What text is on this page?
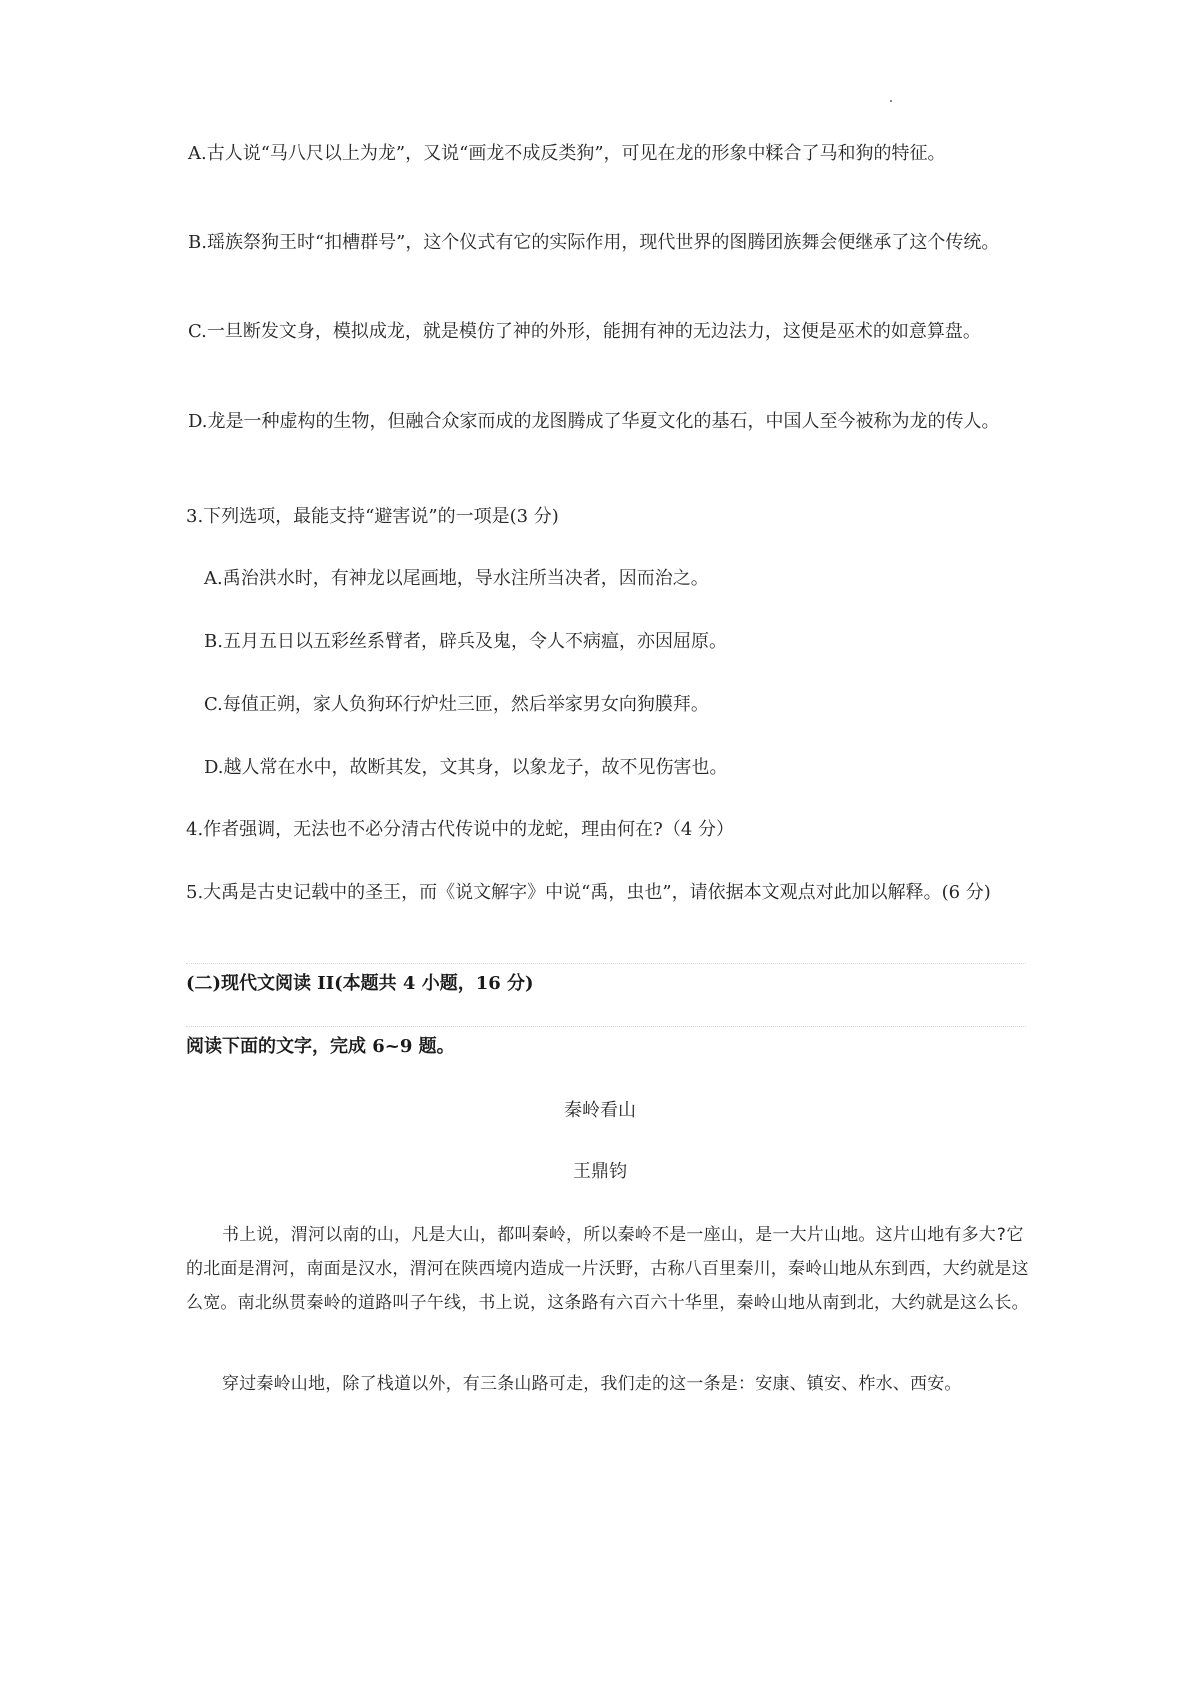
A.古人说“马八尺以上为龙”，又说“画龙不成反类狗”，可见在龙的形象中糅合了马和狗的特征。
B.瑶族祭狗王时“扣槽群号”，这个仪式有它的实际作用，现代世界的图腾团族舞会便继承了这个传统。
C.一旦断发文身，模拟成龙，就是模仿了神的外形，能拥有神的无边法力，这便是巫术的如意算盘。
D.龙是一种虚构的生物，但融合众家而成的龙图腾成了华夏文化的基石，中国人至今被称为龙的传人。
3.下列选项，最能支持“避害说”的一项是(3 分)
A.禹治洪水时，有神龙以尾画地，导水注所当决者，因而治之。
B.五月五日以五彩丝系臂者，辟兵及鬼，令人不病瘟，亦因屈原。
C.每值正朔，家人负狗环行炉灶三匝，然后举家男女向狗膜拜。
D.越人常在水中，故断其发，文其身，以象龙子，故不见伤害也。
4.作者强调，无法也不必分清古代传说中的龙蛇，理由何在?（4 分）
5.大禹是古史记载中的圣王，而《说文解字》中说“禹，虫也”，请依据本文观点对此加以解释。(6 分)
(二)现代文阅读 II(本题共 4 小题，16 分)
阅读下面的文字，完成 6~9 题。
秦岭看山
王鼎钧
书上说，渭河以南的山，凡是大山，都叫秦岭，所以秦岭不是一座山，是一大片山地。这片山地有多大?它的北面是渭河，南面是汉水，渭河在陕西境内造成一片沃野，古称八百里秦川，秦岭山地从东到西，大约就是这么宽。南北纵贯秦岭的道路叫子午线，书上说，这条路有六百六十华里，秦岭山地从南到北，大约就是这么长。
穿过秦岭山地，除了栈道以外，有三条山路可走，我们走的这一条是：安康、镇安、柞水、西安。
